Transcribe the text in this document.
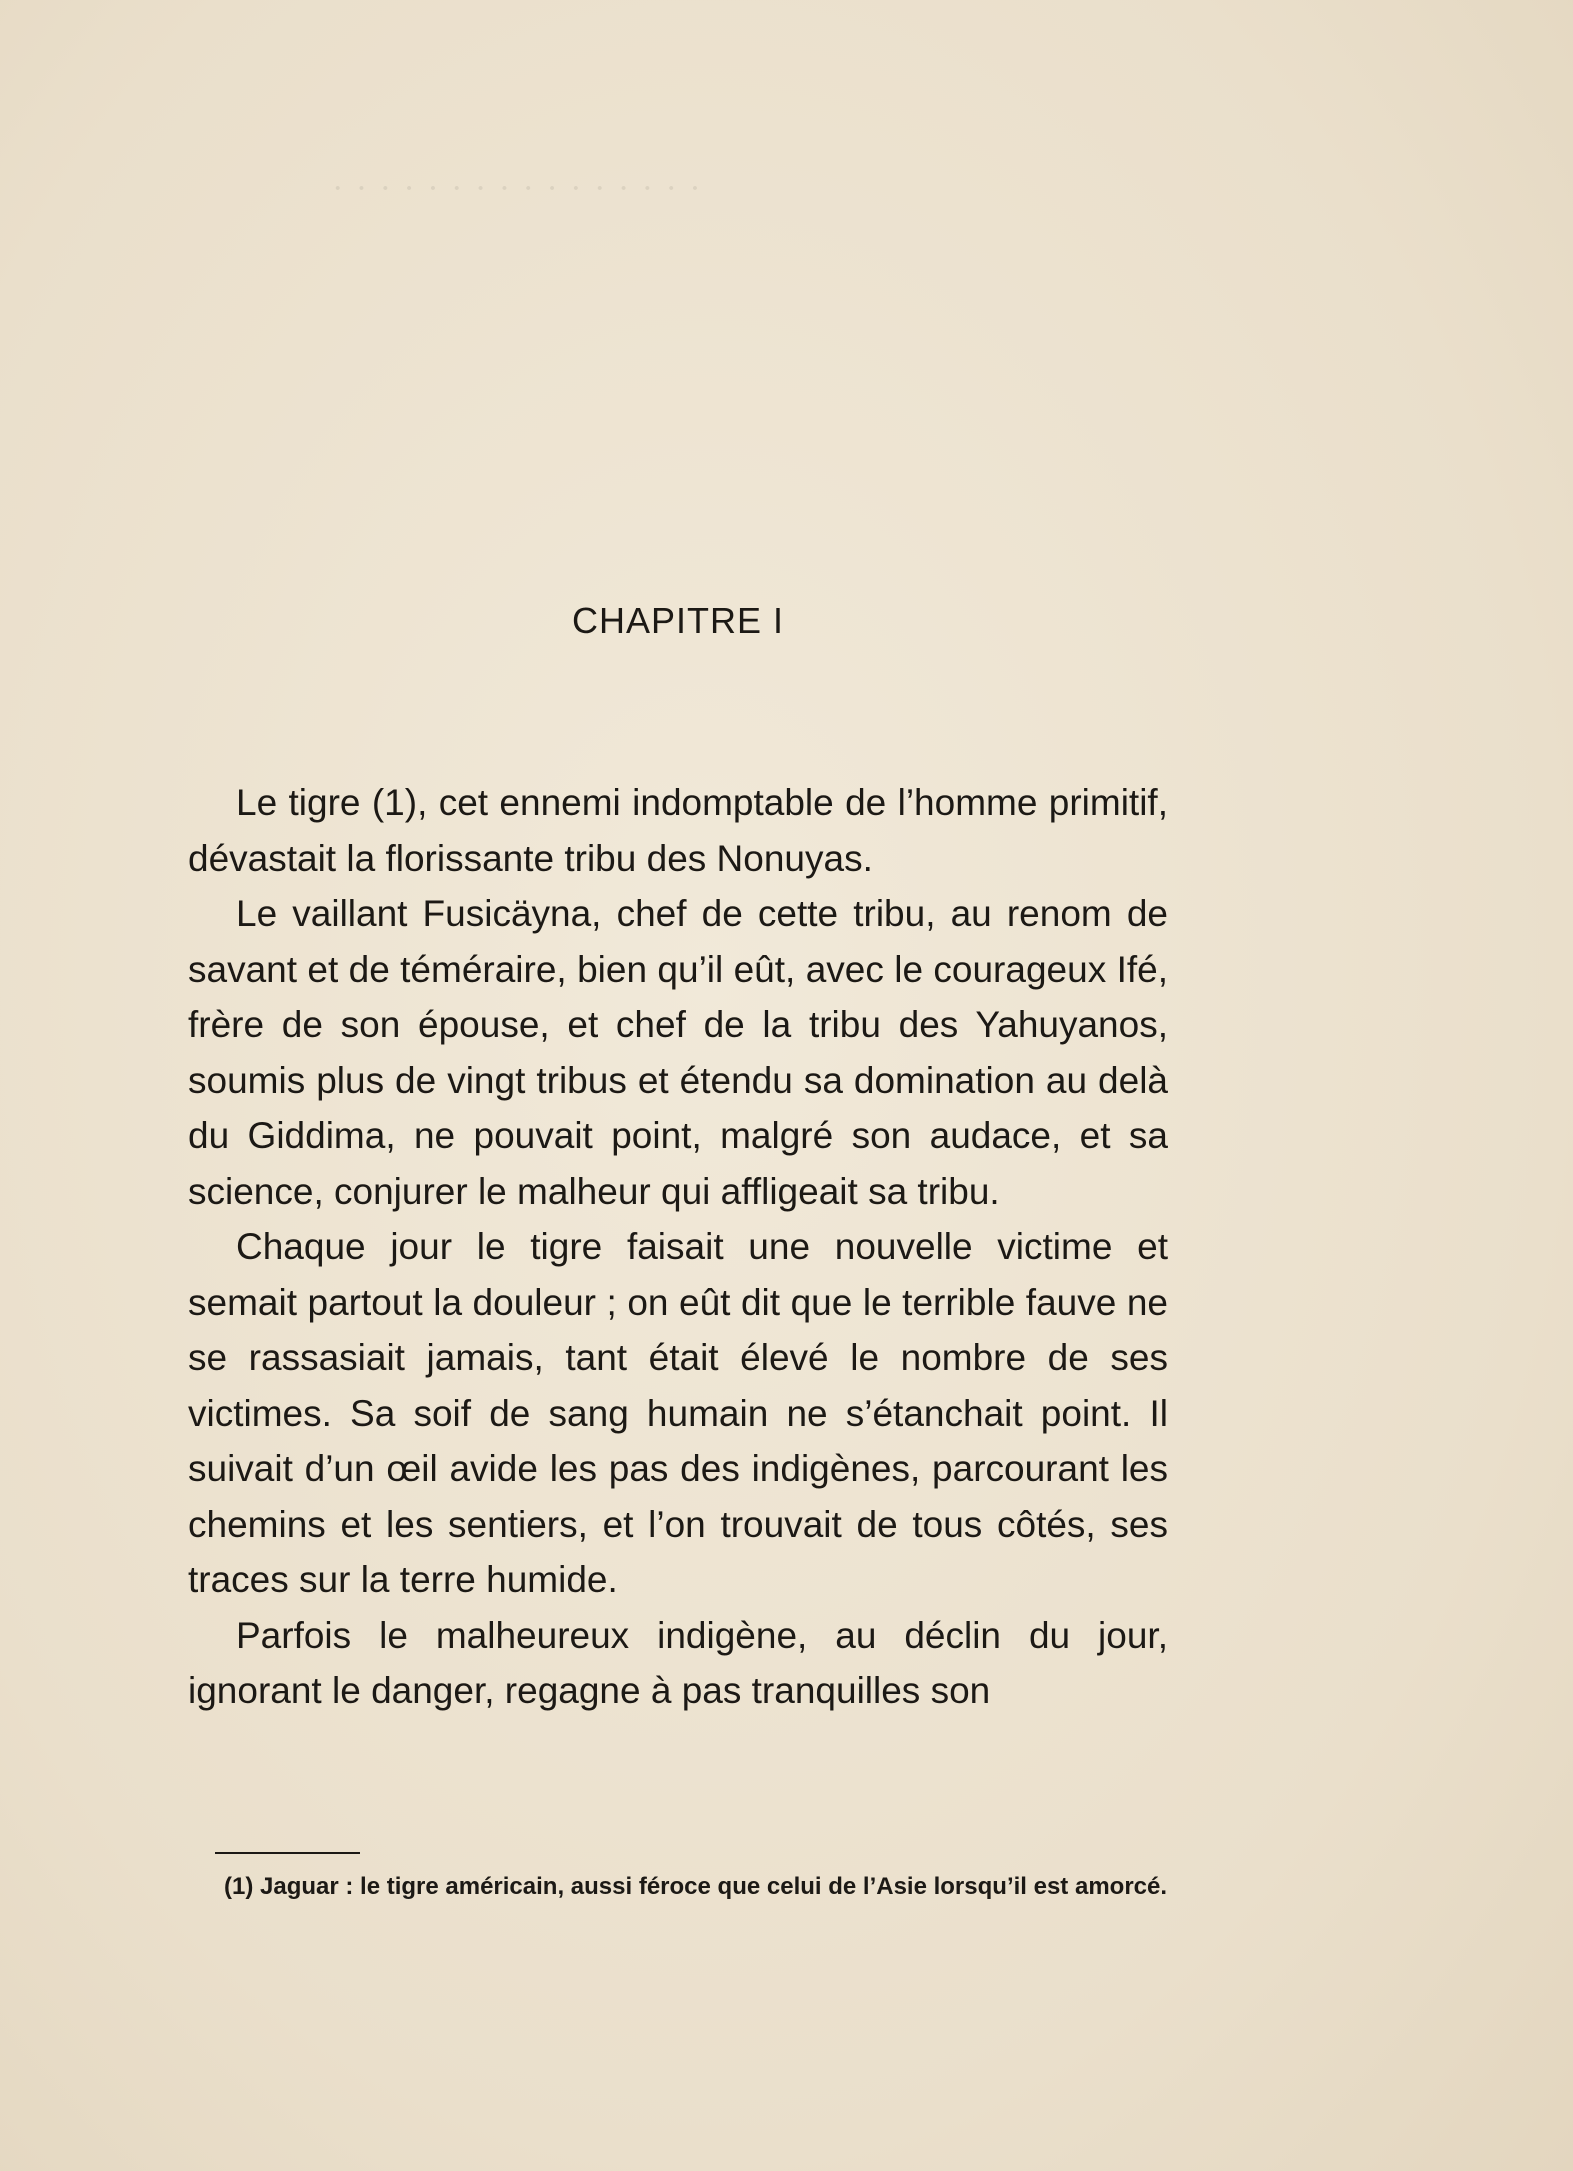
· · · · · · · · · · · · · · · ·
CHAPITRE I

Le tigre (1), cet ennemi indomptable de l’homme primitif, dévastait la florissante tribu des Nonuyas.

Le vaillant Fusicäyna, chef de cette tribu, au renom de savant et de téméraire, bien qu’il eût, avec le courageux Ifé, frère de son épouse, et chef de la tribu des Yahuyanos, soumis plus de vingt tribus et étendu sa domination au delà du Giddima, ne pouvait point, malgré son audace, et sa science, conjurer le malheur qui affligeait sa tribu.

Chaque jour le tigre faisait une nouvelle victime et semait partout la douleur ; on eût dit que le terrible fauve ne se rassasiait jamais, tant était élevé le nombre de ses victimes. Sa soif de sang humain ne s’étanchait point. Il suivait d’un œil avide les pas des indigènes, parcourant les chemins et les sentiers, et l’on trouvait de tous côtés, ses traces sur la terre humide.

Parfois le malheureux indigène, au déclin du jour, ignorant le danger, regagne à pas tranquilles son

(1) Jaguar : le tigre américain, aussi féroce que celui de l’Asie lorsqu’il est amorcé.
